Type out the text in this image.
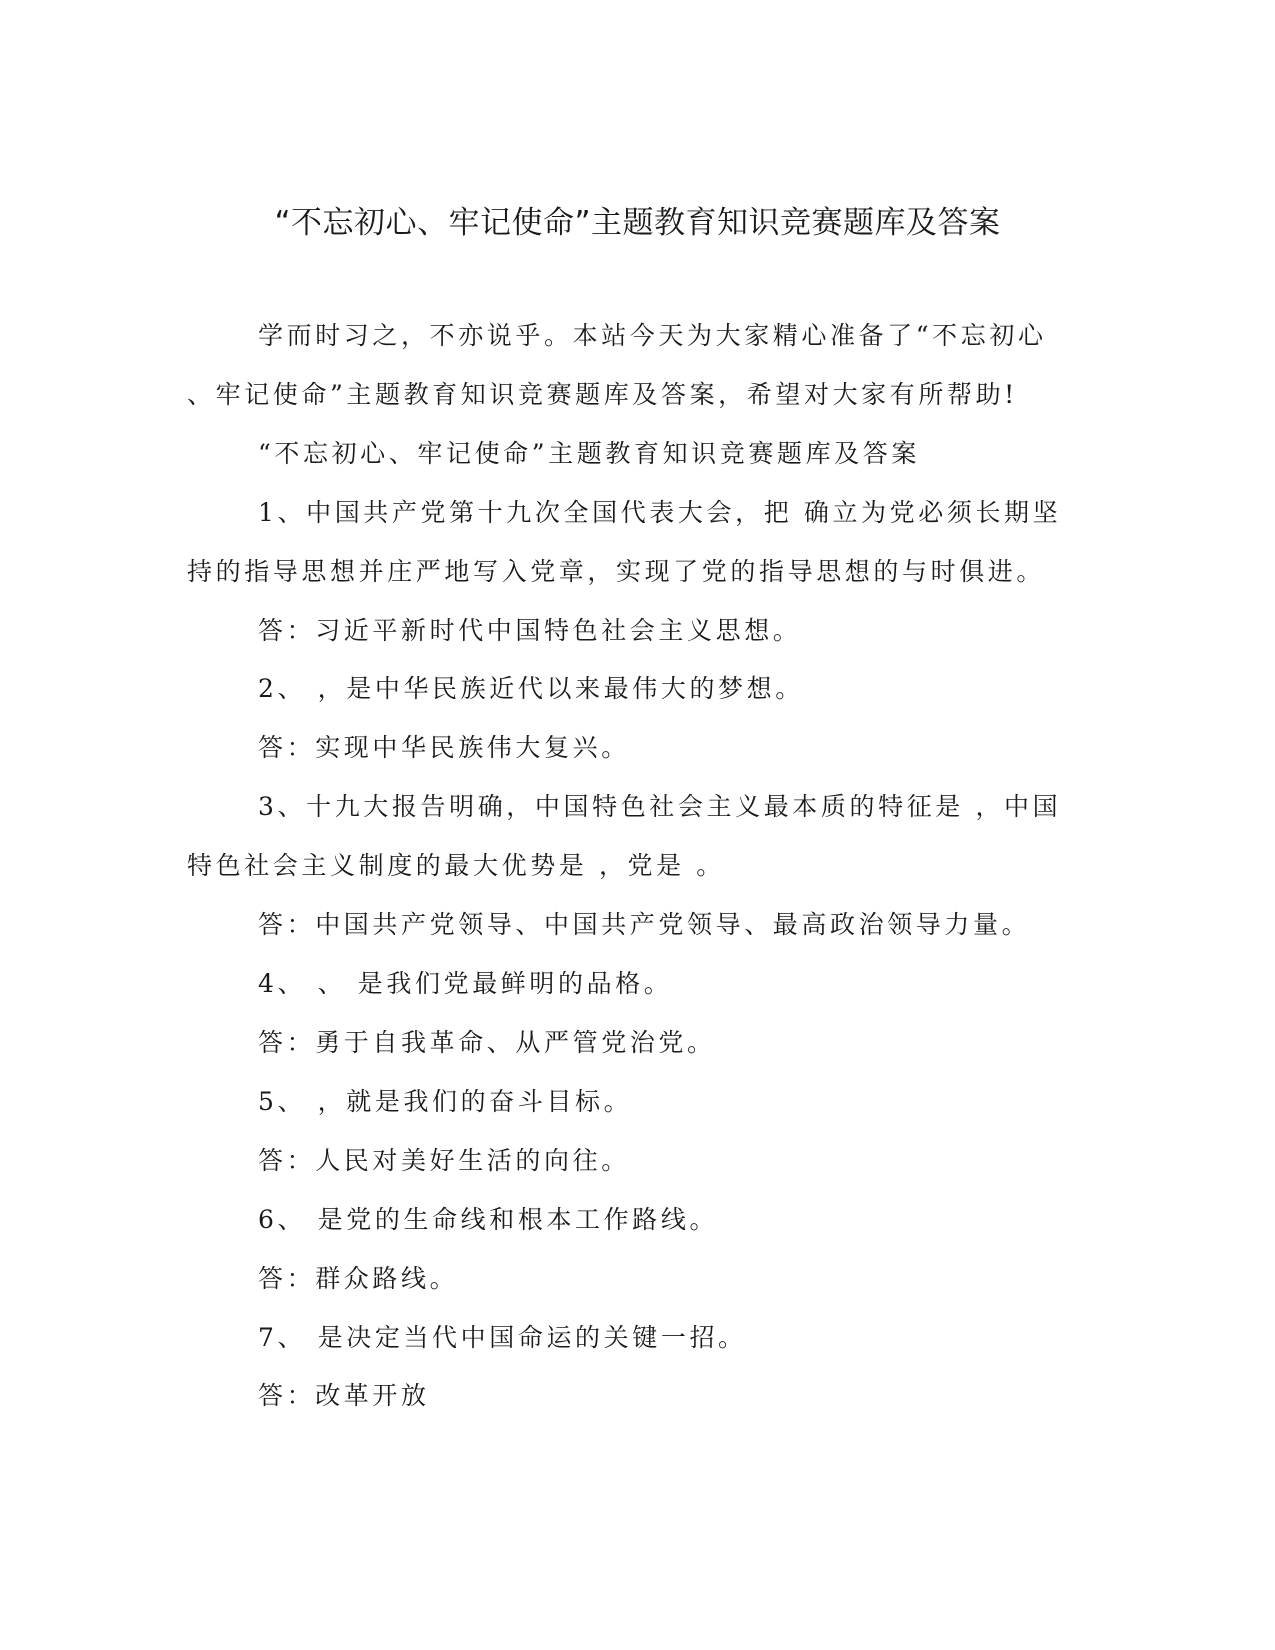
“不忘初心、牢记使命”主题教育知识竞赛题库及答案
学而时习之，不亦说乎。本站今天为大家精心准备了“不忘初心
、牢记使命”主题教育知识竞赛题库及答案，希望对大家有所帮助!
“不忘初心、牢记使命”主题教育知识竞赛题库及答案
1、中国共产党第十九次全国代表大会，把 确立为党必须长期坚
持的指导思想并庄严地写入党章，实现了党的指导思想的与时俱进。
答：习近平新时代中国特色社会主义思想。
2、 ，是中华民族近代以来最伟大的梦想。
答：实现中华民族伟大复兴。
3、十九大报告明确，中国特色社会主义最本质的特征是 ，中国
特色社会主义制度的最大优势是 ，党是 。
答：中国共产党领导、中国共产党领导、最高政治领导力量。
4、 、 是我们党最鲜明的品格。
答：勇于自我革命、从严管党治党。
5、 ，就是我们的奋斗目标。
答：人民对美好生活的向往。
6、 是党的生命线和根本工作路线。
答：群众路线。
7、 是决定当代中国命运的关键一招。
答：改革开放
